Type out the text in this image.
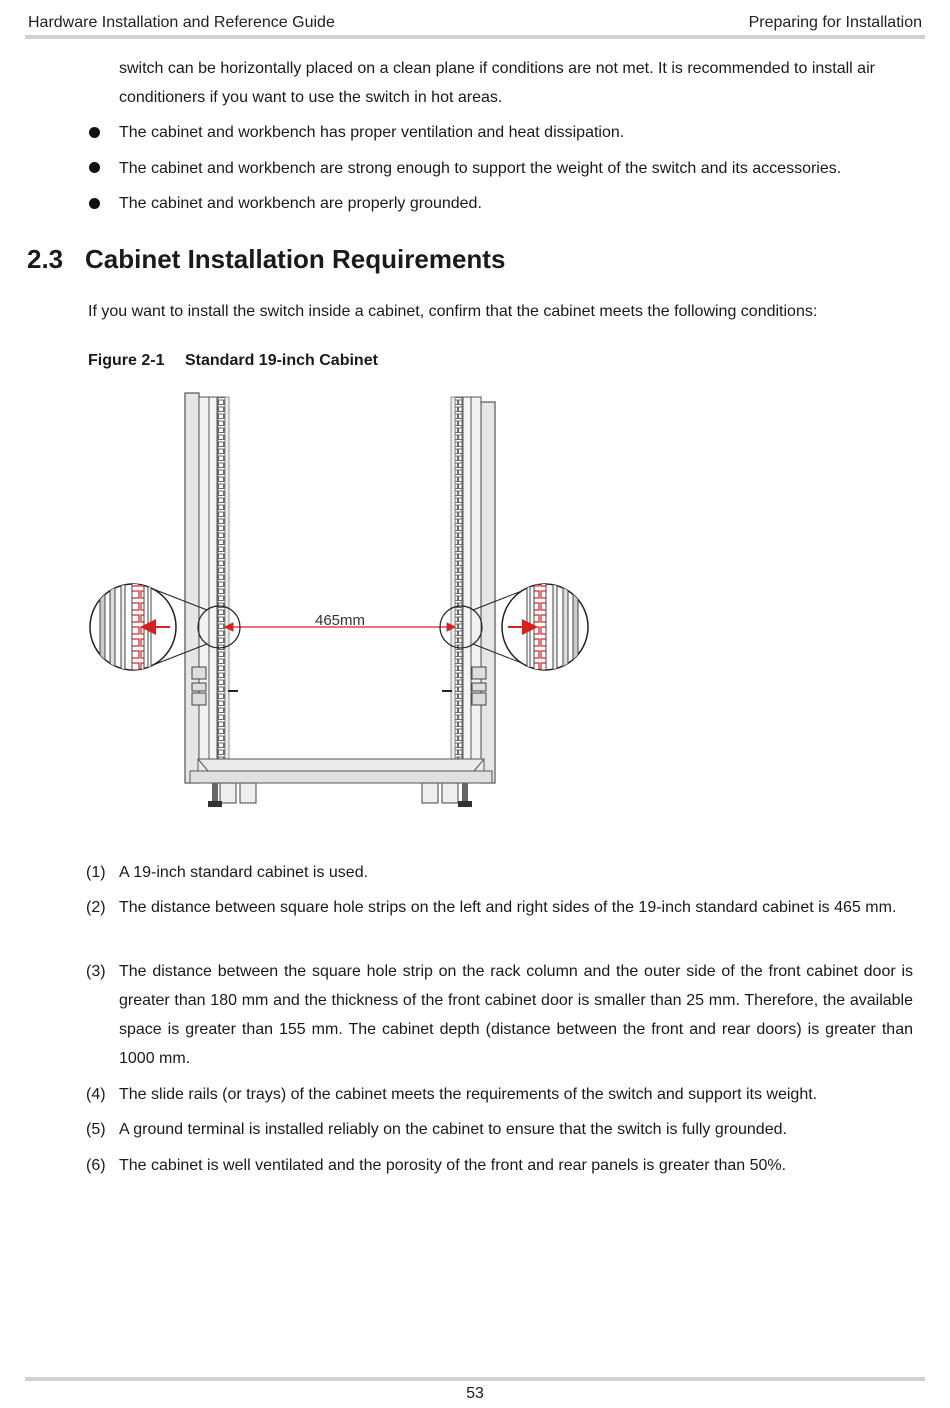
Hardware Installation and Reference Guide	Preparing for Installation
switch can be horizontally placed on a clean plane if conditions are not met. It is recommended to install air
conditioners if you want to use the switch in hot areas.
The cabinet and workbench has proper ventilation and heat dissipation.
The cabinet and workbench are strong enough to support the weight of the switch and its accessories.
The cabinet and workbench are properly grounded.
2.3 Cabinet Installation Requirements
If you want to install the switch inside a cabinet, confirm that the cabinet meets the following conditions:
Figure 2-1 Standard 19-inch Cabinet
465mm
(1) A 19-inch standard cabinet is used.
(2) The distance between square hole strips on the left and right sides of the 19-inch standard cabinet is 465 mm.
(3) The distance between the square hole strip on the rack column and the outer side of the front cabinet door is greater than 180 mm and the thickness of the front cabinet door is smaller than 25 mm. Therefore, the available space is greater than 155 mm. The cabinet depth (distance between the front and rear doors) is greater than 1000 mm.
(4) The slide rails (or trays) of the cabinet meets the requirements of the switch and support its weight.
(5) A ground terminal is installed reliably on the cabinet to ensure that the switch is fully grounded.
(6) The cabinet is well ventilated and the porosity of the front and rear panels is greater than 50%.
53
